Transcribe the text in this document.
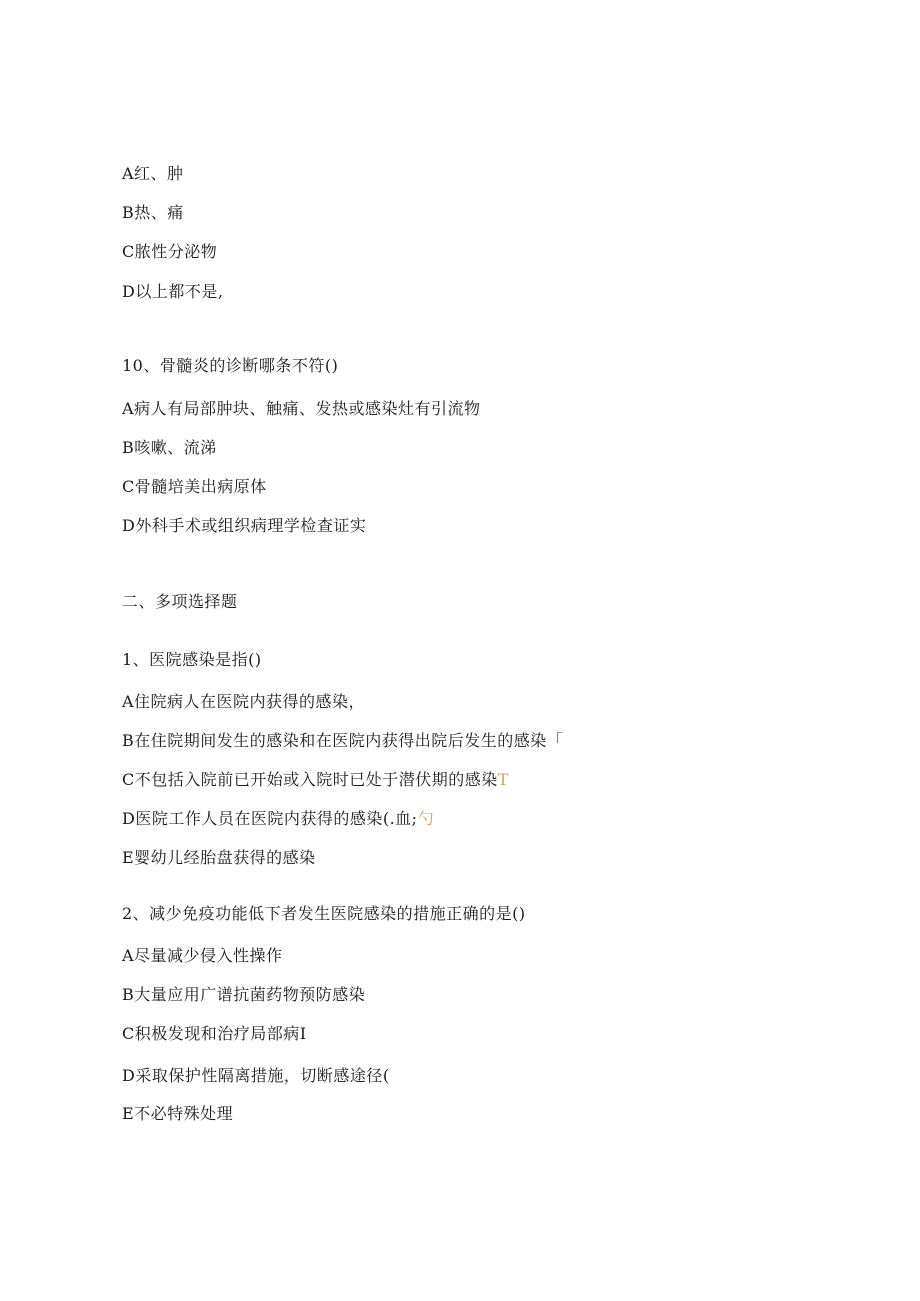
A红、肿
B热、痛
C脓性分泌物
D以上都不是,
10、骨髓炎的诊断哪条不符()
A病人有局部肿块、触痛、发热或感染灶有引流物
B咳嗽、流涕
C骨髓培美出病原体
D外科手术或组织病理学检查证实
二、多项选择题
1、医院感染是指()
A住院病人在医院内获得的感染，
B在住院期间发生的感染和在医院内获得出院后发生的感染「
C不包括入院前已开始或入院时已处于潜伏期的感染T
D医院工作人员在医院内获得的感染(.血;勺
E婴幼儿经胎盘获得的感染
2、减少免疫功能低下者发生医院感染的措施正确的是()
A尽量减少侵入性操作
B大量应用广谱抗菌药物预防感染
C积极发现和治疗局部病I
D采取保护性隔离措施，切断感途径(
E不必特殊处理
